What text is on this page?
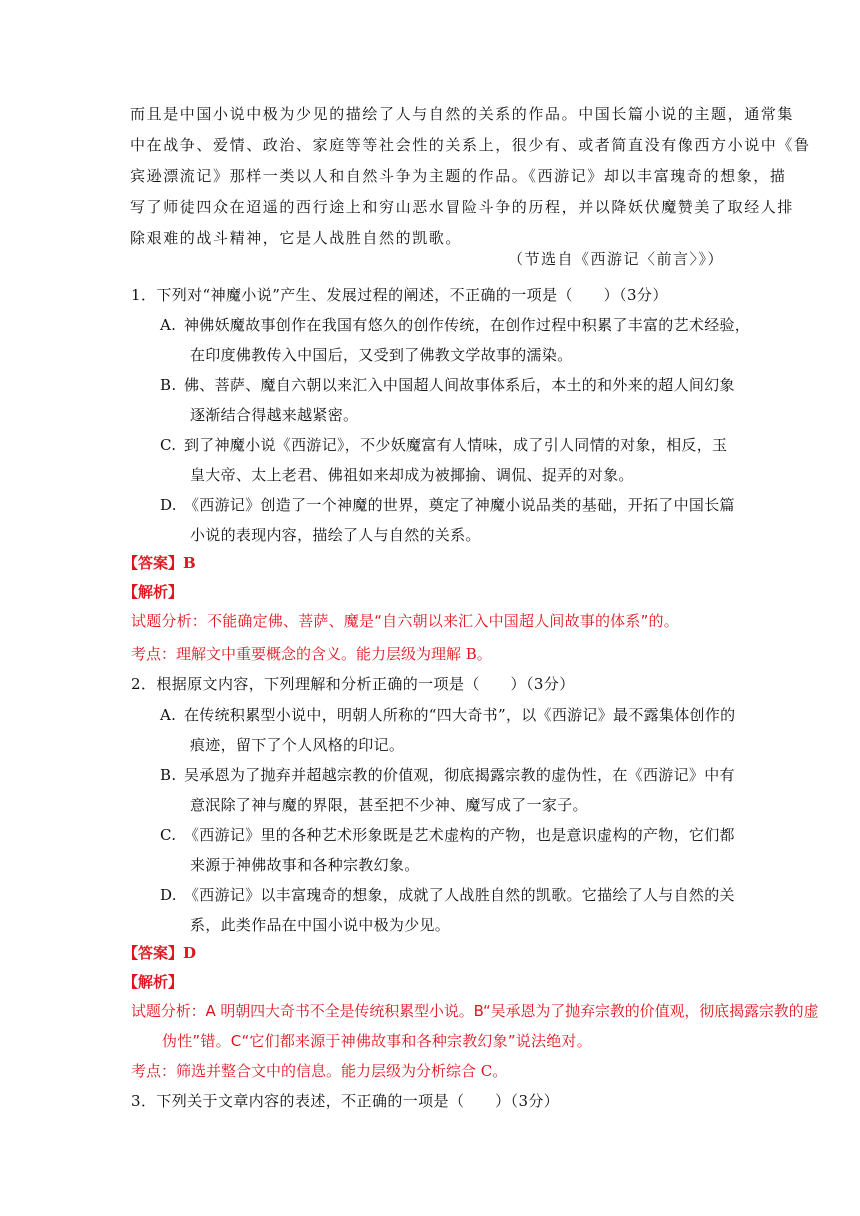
而且是中国小说中极为少见的描绘了人与自然的关系的作品。中国长篇小说的主题，通常集

中在战争、爱情、政治、家庭等等社会性的关系上，很少有、或者简直没有像西方小说中《鲁

宾逊漂流记》那样一类以人和自然斗争为主题的作品。《西游记》却以丰富瑰奇的想象，描

写了师徒四众在迢遥的西行途上和穷山恶水冒险斗争的历程，并以降妖伏魔赞美了取经人排

除艰难的战斗精神，它是人战胜自然的凯歌。

（节选自《西游记〈前言〉》）
1．下列对“神魔小说”产生、发展过程的阐述，不正确的一项是（　　）（3分）
A. 神佛妖魔故事创作在我国有悠久的创作传统，在创作过程中积累了丰富的艺术经验，
在印度佛教传入中国后，又受到了佛教文学故事的濡染。
B. 佛、菩萨、魔自六朝以来汇入中国超人间故事体系后，本土的和外来的超人间幻象
逐渐结合得越来越紧密。
C. 到了神魔小说《西游记》，不少妖魔富有人情味，成了引人同情的对象，相反，玉
皇大帝、太上老君、佛祖如来却成为被揶揄、调侃、捉弄的对象。
D. 《西游记》创造了一个神魔的世界，奠定了神魔小说品类的基础，开拓了中国长篇
小说的表现内容，描绘了人与自然的关系。
【答案】B
【解析】
试题分析：不能确定佛、菩萨、魔是“自六朝以来汇入中国超人间故事的体系”的。
考点：理解文中重要概念的含义。能力层级为理解 B。
2．根据原文内容，下列理解和分析正确的一项是（　　）（3分）
A. 在传统积累型小说中，明朝人所称的“四大奇书”，以《西游记》最不露集体创作的
痕迹，留下了个人风格的印记。
B. 吴承恩为了抛弃并超越宗教的价值观，彻底揭露宗教的虚伪性，在《西游记》中有
意泯除了神与魔的界限，甚至把不少神、魔写成了一家子。
C. 《西游记》里的各种艺术形象既是艺术虚构的产物，也是意识虚构的产物，它们都
来源于神佛故事和各种宗教幻象。
D. 《西游记》以丰富瑰奇的想象，成就了人战胜自然的凯歌。它描绘了人与自然的关
系，此类作品在中国小说中极为少见。
【答案】D
【解析】
试题分析：A 明朝四大奇书不全是传统积累型小说。B“吴承恩为了抛弃宗教的价值观，彻底揭露宗教的虚
伪性”错。C“它们都来源于神佛故事和各种宗教幻象”说法绝对。
考点：筛选并整合文中的信息。能力层级为分析综合 C。
3．下列关于文章内容的表述，不正确的一项是（　　）（3分）
